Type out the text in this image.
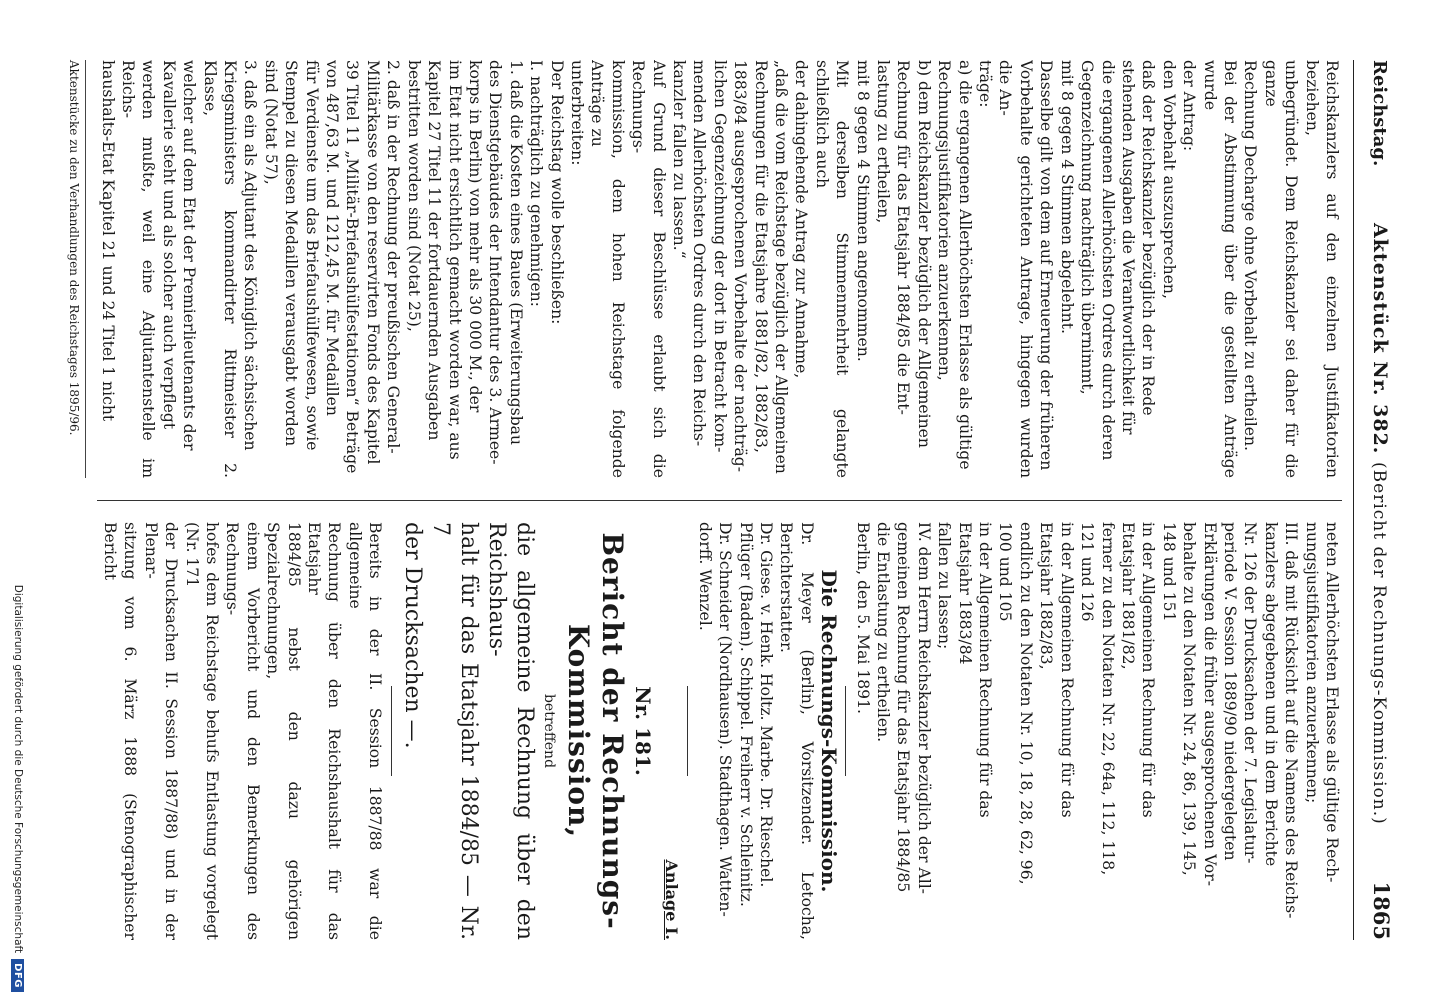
Reichstag.
Aktenstück Nr. 382. (Bericht der Rechnungs-Kommission.)
1865

Reichskanzlers auf den einzelnen Justifikatorien beziehen,

unbegründet. Dem Reichskanzler sei daher für die ganze

Rechnung Decharge ohne Vorbehalt zu ertheilen.

Bei der Abstimmung über die gestellten Anträge wurde

der Antrag:

den Vorbehalt auszusprechen,

daß der Reichskanzler bezüglich der in Rede

stehenden Ausgaben die Verantwortlichkeit für

die ergangenen Allerhöchsten Ordres durch deren

Gegenzeichnung nachträglich übernimmt,

mit 8 gegen 4 Stimmen abgelehnt.

Dasselbe gilt von dem auf Erneuerung der früheren

Vorbehalte gerichteten Antrage, hingegen wurden die An-

träge:

a) die ergangenen Allerhöchsten Erlasse als gültige

Rechnungsjustifikatorien anzuerkennen,

b) dem Reichskanzler bezüglich der Allgemeinen

Rechnung für das Etatsjahr 1884/85 die Ent-

lastung zu ertheilen,

mit 8 gegen 4 Stimmen angenommen.

Mit derselben Stimmenmehrheit gelangte schließlich auch

der dahingehende Antrag zur Annahme,

„daß die vom Reichstage bezüglich der Allgemeinen

Rechnungen für die Etatsjahre 1881/82, 1882/83,

1883/84 ausgesprochenen Vorbehalte der nachträg-

lichen Gegenzeichnung der dort in Betracht kom-

menden Allerhöchsten Ordres durch den Reichs-

kanzler fallen zu lassen.“

Auf Grund dieser Beschlüsse erlaubt sich die Rechnungs-

kommission, dem hohen Reichstage folgende Anträge zu

unterbreiten:

Der Reichstag wolle beschließen:

I. nachträglich zu genehmigen:

1. daß die Kosten eines Baues (Erweiterungsbau

des Dienstgebäudes der Intendantur des 3. Armee-

korps in Berlin) von mehr als 30 000 M., der

im Etat nicht ersichtlich gemacht worden war, aus

Kapitel 27 Titel 11 der fortdauernden Ausgaben

bestritten worden sind (Notat 25),

2. daß in der Rechnung der preußischen General-

Militärkasse von den reservirten Fonds des Kapitel

39 Titel 11 „Militär-Briefaushülfestationen“ Beträge

von 487,63 M. und 1212,45 M. für Medaillen

für Verdienste um das Briefaushülfewesen, sowie

Stempel zu diesen Medaillen verausgabt worden

sind (Notat 57),

3. daß ein als Adjutant des Königlich sächsischen

Kriegsministers kommandirter Rittmeister 2. Klasse,

welcher auf dem Etat der Premierlieutenants der

Kavallerie steht und als solcher auch verpflegt

werden mußte, weil eine Adjutantenstelle im Reichs-

haushalts-Etat Kapitel 21 und 24 Titel 1 nicht

neten Allerhöchsten Erlasse als gültige Rech-

nungsjustifikatorien anzuerkennen;

III. daß mit Rücksicht auf die Namens des Reichs-

kanzlers abgegebenen und in dem Berichte

Nr. 126 der Drucksachen der 7. Legislatur-

periode V. Session 1889/90 niedergelegten

Erklärungen die früher ausgesprochenen Vor-

behalte zu den Notaten Nr. 24, 86, 139, 145,

148 und 151

in der Allgemeinen Rechnung für das

Etatsjahr 1881/82,

ferner zu den Notaten Nr. 22, 64a, 112, 118,

121 und 126

in der Allgemeinen Rechnung für das

Etatsjahr 1882/83,

endlich zu den Notaten Nr. 10, 18, 28, 62, 96,

100 und 105

in der Allgemeinen Rechnung für das

Etatsjahr 1883/84

fallen zu lassen;

IV. dem Herrn Reichskanzler bezüglich der All-

gemeinen Rechnung für das Etatsjahr 1884/85

die Entlastung zu ertheilen.

Berlin, den 5. Mai 1891.

Die Rechnungs-Kommission.

Dr. Meyer (Berlin), Vorsitzender. Letocha, Berichterstatter.

Dr. Giese. v. Henk. Holtz. Marbe. Dr. Rieschel.

Pflüger (Baden). Schippel. Freiherr v. Schleinitz.

Dr. Schneider (Nordhausen). Stadthagen. Watten-

dorff. Wenzel.

Anlage I.
Nr. 181.
Bericht der Rechnungs-Kommission,
betreffend

die allgemeine Rechnung über den Reichshaus-

halt für das Etatsjahr 1884/85 — Nr. 7

der Drucksachen —.

Bereits in der II. Session 1887/88 war die allgemeine

Rechnung über den Reichshaushalt für das Etatsjahr

1884/85 nebst den dazu gehörigen Spezialrechnungen,

einem Vorbericht und den Bemerkungen des Rechnungs-

hofes dem Reichstage behufs Entlastung vorgelegt (Nr. 171

der Drucksachen II. Session 1887/88) und in der Plenar-

sitzung vom 6. März 1888 (Stenographischer Bericht

Aktenstücke zu den Verhandlungen des Reichstages 1895/96.
Digitalisierung gefördert durch die Deutsche Forschungsgemeinschaft
DFG
